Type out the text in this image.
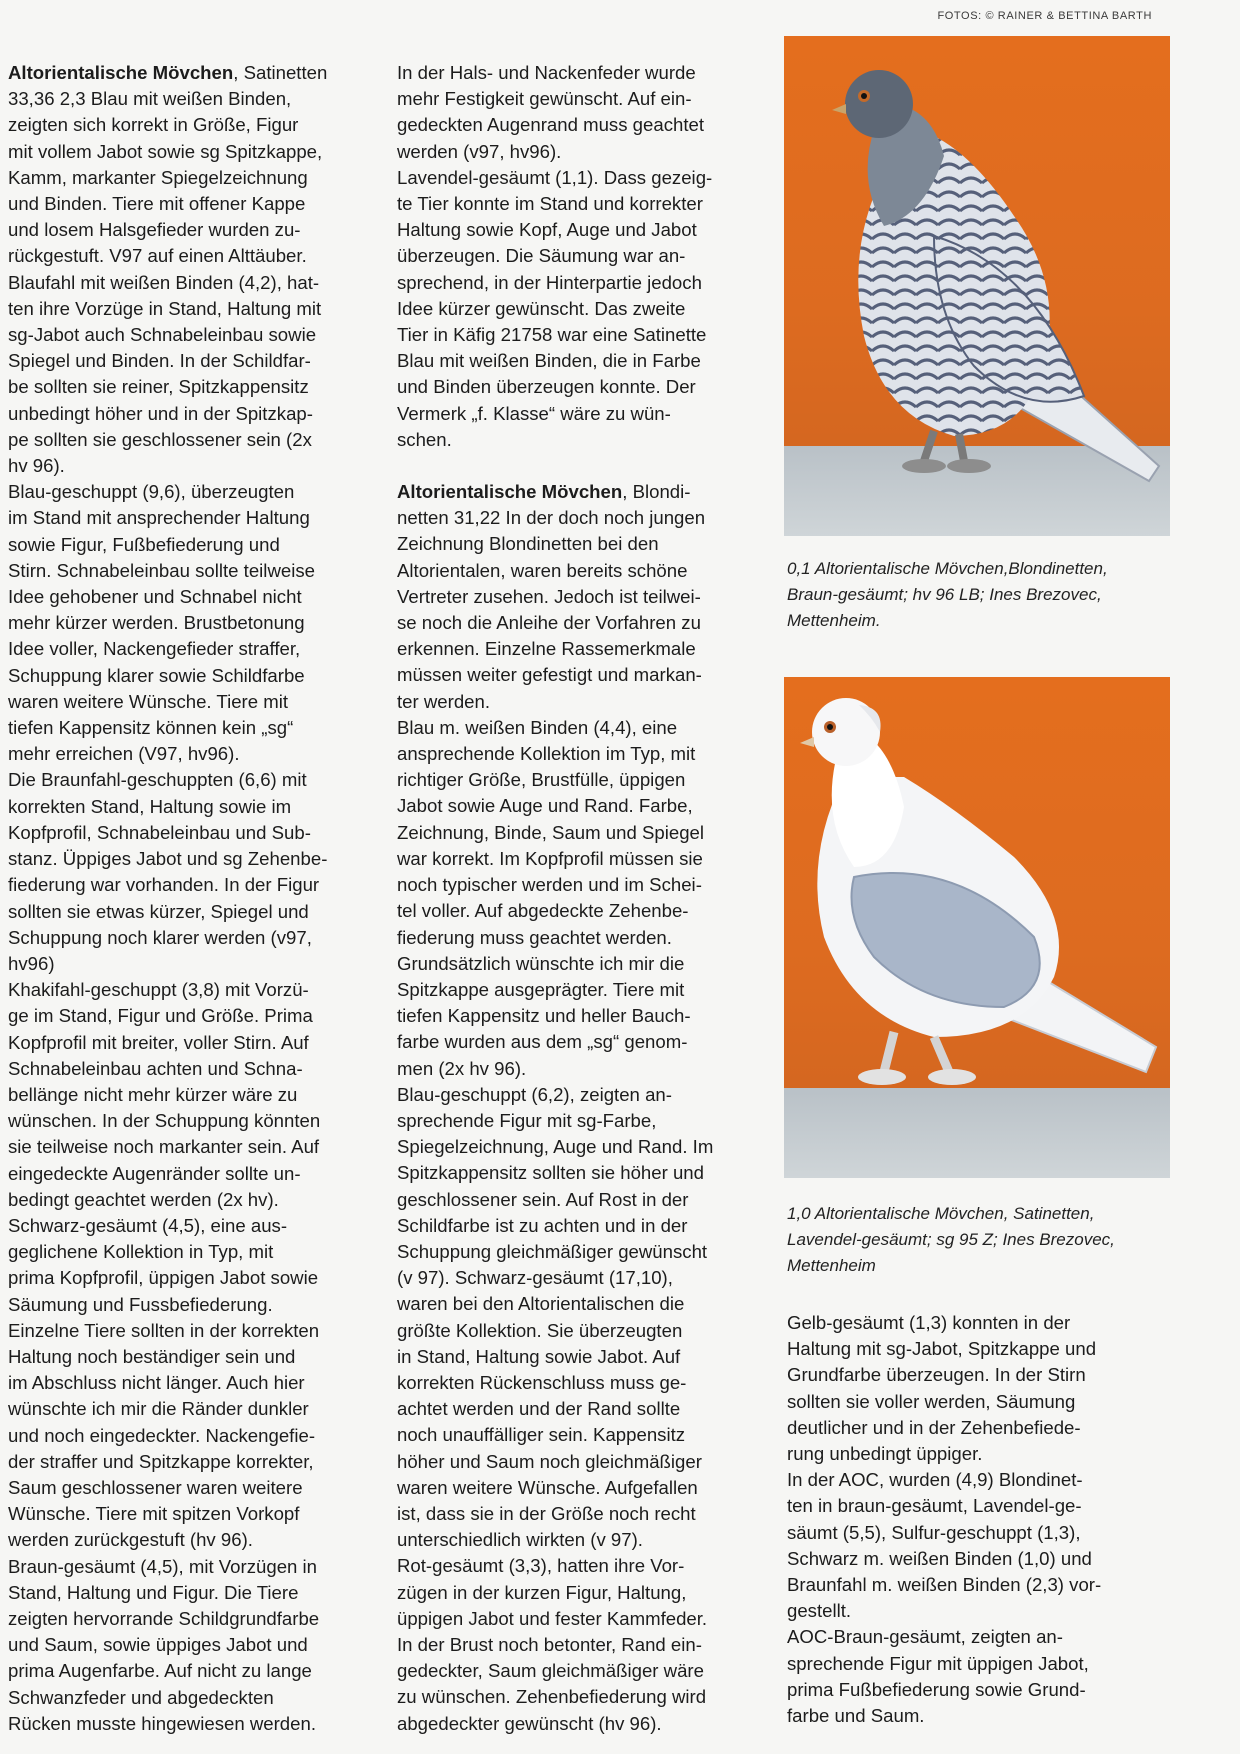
FOTOS: © RAINER & BETTINA BARTH

Altorientalische Mövchen, Satinetten
33,36 2,3 Blau mit weißen Binden,
zeigten sich korrekt in Größe, Figur
mit vollem Jabot sowie sg Spitzkappe,
Kamm, markanter Spiegelzeichnung
und Binden. Tiere mit offener Kappe
und losem Halsgefieder wurden zu-
rückgestuft. V97 auf einen Alttäuber.

Blaufahl mit weißen Binden (4,2), hat-
ten ihre Vorzüge in Stand, Haltung mit
sg-Jabot auch Schnabeleinbau sowie
Spiegel und Binden. In der Schildfar-
be sollten sie reiner, Spitzkappensitz
unbedingt höher und in der Spitzkap-
pe sollten sie geschlossener sein (2x
hv 96).

Blau-geschuppt (9,6), überzeugten
im Stand mit ansprechender Haltung
sowie Figur, Fußbefiederung und
Stirn. Schnabeleinbau sollte teilweise
Idee gehobener und Schnabel nicht
mehr kürzer werden. Brustbetonung
Idee voller, Nackengefieder straffer,
Schuppung klarer sowie Schildfarbe
waren weitere Wünsche. Tiere mit
tiefen Kappensitz können kein „sg“
mehr erreichen (V97, hv96).

Die Braunfahl-geschuppten (6,6) mit
korrekten Stand, Haltung sowie im
Kopfprofil, Schnabeleinbau und Sub-
stanz. Üppiges Jabot und sg Zehenbe-
fiederung war vorhanden. In der Figur
sollten sie etwas kürzer, Spiegel und
Schuppung noch klarer werden (v97,
hv96)

Khakifahl-geschuppt (3,8) mit Vorzü-
ge im Stand, Figur und Größe. Prima
Kopfprofil mit breiter, voller Stirn. Auf
Schnabeleinbau achten und Schna-
bellänge nicht mehr kürzer wäre zu
wünschen. In der Schuppung könnten
sie teilweise noch markanter sein. Auf
eingedeckte Augenränder sollte un-
bedingt geachtet werden (2x hv).

Schwarz-gesäumt (4,5), eine aus-
geglichene Kollektion in Typ, mit
prima Kopfprofil, üppigen Jabot sowie
Säumung und Fussbefiederung.
Einzelne Tiere sollten in der korrekten
Haltung noch beständiger sein und
im Abschluss nicht länger. Auch hier
wünschte ich mir die Ränder dunkler
und noch eingedeckter. Nackengefie-
der straffer und Spitzkappe korrekter,
Saum geschlossener waren weitere
Wünsche. Tiere mit spitzen Vorkopf
werden zurückgestuft (hv 96).

Braun-gesäumt (4,5), mit Vorzügen in
Stand, Haltung und Figur. Die Tiere
zeigten hervorrande Schildgrundfarbe
und Saum, sowie üppiges Jabot und
prima Augenfarbe. Auf nicht zu lange
Schwanzfeder und abgedeckten
Rücken musste hingewiesen werden.

In der Hals- und Nackenfeder wurde
mehr Festigkeit gewünscht. Auf ein-
gedeckten Augenrand muss geachtet
werden (v97, hv96).

Lavendel-gesäumt (1,1). Dass gezeig-
te Tier konnte im Stand und korrekter
Haltung sowie Kopf, Auge und Jabot
überzeugen. Die Säumung war an-
sprechend, in der Hinterpartie jedoch
Idee kürzer gewünscht. Das zweite
Tier in Käfig 21758 war eine Satinette
Blau mit weißen Binden, die in Farbe
und Binden überzeugen konnte. Der
Vermerk „f. Klasse“ wäre zu wün-
schen.

Altorientalische Mövchen, Blondi-
netten 31,22 In der doch noch jungen
Zeichnung Blondinetten bei den
Altorientalen, waren bereits schöne
Vertreter zusehen. Jedoch ist teilwei-
se noch die Anleihe der Vorfahren zu
erkennen. Einzelne Rassemerkmale
müssen weiter gefestigt und markan-
ter werden.

Blau m. weißen Binden (4,4), eine
ansprechende Kollektion im Typ, mit
richtiger Größe, Brustfülle, üppigen
Jabot sowie Auge und Rand. Farbe,
Zeichnung, Binde, Saum und Spiegel
war korrekt. Im Kopfprofil müssen sie
noch typischer werden und im Schei-
tel voller. Auf abgedeckte Zehenbe-
fiederung muss geachtet werden.
Grundsätzlich wünschte ich mir die
Spitzkappe ausgeprägter. Tiere mit
tiefen Kappensitz und heller Bauch-
farbe wurden aus dem „sg“ genom-
men (2x hv 96).

Blau-geschuppt (6,2), zeigten an-
sprechende Figur mit sg-Farbe,
Spiegelzeichnung, Auge und Rand. Im
Spitzkappensitz sollten sie höher und
geschlossener sein. Auf Rost in der
Schildfarbe ist zu achten und in der
Schuppung gleichmäßiger gewünscht
(v 97). Schwarz-gesäumt (17,10),
waren bei den Altorientalischen die
größte Kollektion. Sie überzeugten
in Stand, Haltung sowie Jabot. Auf
korrekten Rückenschluss muss ge-
achtet werden und der Rand sollte
noch unauffälliger sein. Kappensitz
höher und Saum noch gleichmäßiger
waren weitere Wünsche. Aufgefallen
ist, dass sie in der Größe noch recht
unterschiedlich wirkten (v 97).

Rot-gesäumt (3,3), hatten ihre Vor-
zügen in der kurzen Figur, Haltung,
üppigen Jabot und fester Kammfeder.
In der Brust noch betonter, Rand ein-
gedeckter, Saum gleichmäßiger wäre
zu wünschen. Zehenbefiederung wird
abgedeckter gewünscht (hv 96).

0,1 Altorientalische Mövchen,Blondinetten,
Braun-gesäumt; hv 96 LB; Ines Brezovec,
Mettenheim.
1,0 Altorientalische Mövchen, Satinetten,
Lavendel-gesäumt; sg 95 Z; Ines Brezovec,
Mettenheim

Gelb-gesäumt (1,3) konnten in der
Haltung mit sg-Jabot, Spitzkappe und
Grundfarbe überzeugen. In der Stirn
sollten sie voller werden, Säumung
deutlicher und in der Zehenbefiede-
rung unbedingt üppiger.

In der AOC, wurden (4,9) Blondinet-
ten in braun-gesäumt, Lavendel-ge-
säumt (5,5), Sulfur-geschuppt (1,3),
Schwarz m. weißen Binden (1,0) und
Braunfahl m. weißen Binden (2,3) vor-
gestellt.

AOC-Braun-gesäumt, zeigten an-
sprechende Figur mit üppigen Jabot,
prima Fußbefiederung sowie Grund-
farbe und Saum.
